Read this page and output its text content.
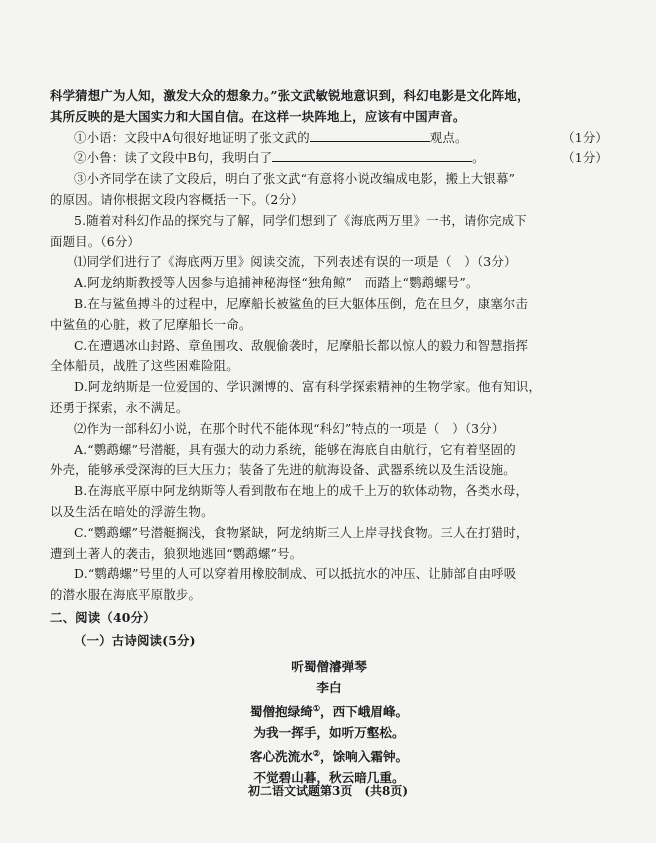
科学猜想广为人知，激发大众的想象力。”张文武敏锐地意识到，科幻电影是文化阵地，
其所反映的是大国实力和大国自信。在这样一块阵地上，应该有中国声音。
①小语：文段中A句很好地证明了张文武的	观点。	（1分）
②小鲁：读了文段中B句，我明白了	。	（1分）
③小齐同学在读了文段后，明白了张文武“有意将小说改编成电影，搬上大银幕”
的原因。请你根据文段内容概括一下。（2分）
5.随着对科幻作品的探究与了解，同学们想到了《海底两万里》一书，请你完成下
面题目。（6分）
⑴同学们进行了《海底两万里》阅读交流，下列表述有误的一项是（　）（3分）
A.阿龙纳斯教授等人因参与追捕神秘海怪“独角鲸”　而踏上“鹦鹉螺号”。
B.在与鲨鱼搏斗的过程中，尼摩船长被鲨鱼的巨大躯体压倒，危在旦夕，康塞尔击
中鲨鱼的心脏，救了尼摩船长一命。
C.在遭遇冰山封路、章鱼围攻、敌舰偷袭时，尼摩船长都以惊人的毅力和智慧指挥
全体船员，战胜了这些困难险阻。
D.阿龙纳斯是一位爱国的、学识渊博的、富有科学探索精神的生物学家。他有知识，
还勇于探索，永不满足。
⑵作为一部科幻小说，在那个时代不能体现“科幻”特点的一项是（　）（3分）
A.“鹦鹉螺”号潜艇，具有强大的动力系统，能够在海底自由航行，它有着坚固的
外壳，能够承受深海的巨大压力；装备了先进的航海设备、武器系统以及生活设施。
B.在海底平原中阿龙纳斯等人看到散布在地上的成千上万的软体动物，各类水母，
以及生活在暗处的浮游生物。
C.“鹦鹉螺”号潜艇搁浅，食物紧缺，阿龙纳斯三人上岸寻找食物。三人在打猎时，
遭到土著人的袭击，狼狈地逃回“鹦鹉螺”号。
D.“鹦鹉螺”号里的人可以穿着用橡胶制成、可以抵抗水的冲压、让肺部自由呼吸
的潜水服在海底平原散步。
二、阅读（40分）
（一）古诗阅读(5分)
听蜀僧濬弹琴
李白
蜀僧抱绿绮①，西下峨眉峰。
为我一挥手，如听万壑松。
客心洗流水②，馀响入霜钟。
不觉碧山暮，秋云暗几重。
初二语文试题第3页　(共8页)
